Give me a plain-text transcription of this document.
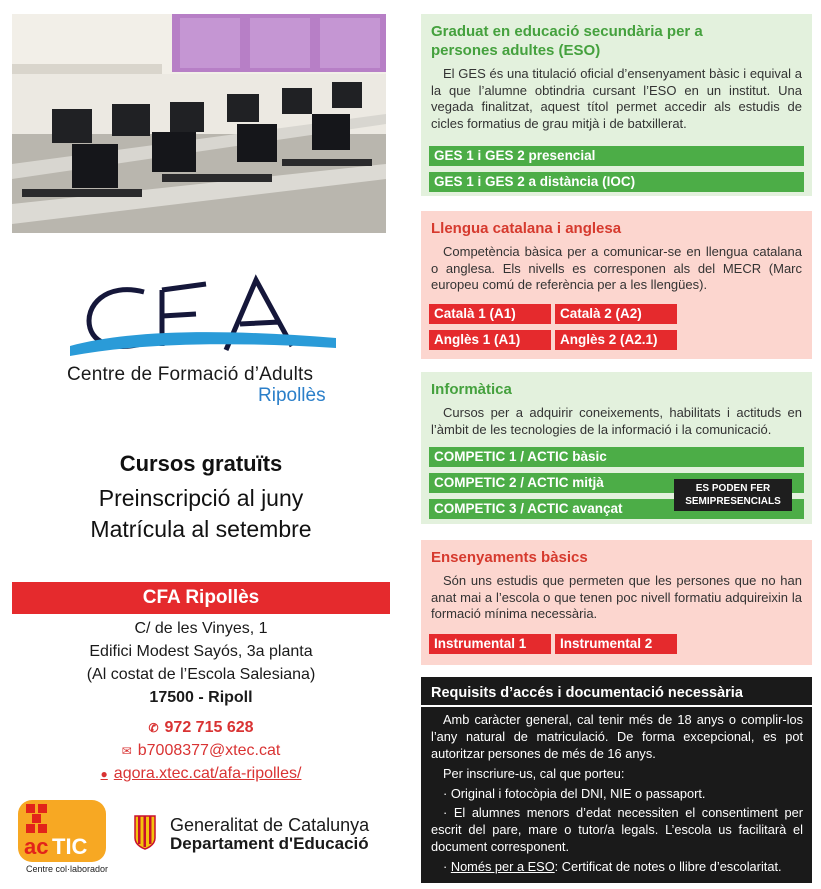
Centre de Formació d’Adults
Ripollès
Cursos gratuïts
Preinscripció al juny
Matrícula al setembre
CFA Ripollès
C/ de les Vinyes, 1
Edifici Modest Sayós, 3a planta
(Al costat de l’Escola Salesiana)
17500 - Ripoll
✆ 972 715 628
✉ b7008377@xtec.cat
● agora.xtec.cat/afa-ripolles/
ac TIC
Centre col·laborador
Generalitat de Catalunya
Departament d'Educació
Graduat en educació secundària per a
persones adultes (ESO)
El GES és una titulació oficial d’ensenyament bàsic i equival a la que l’alumne obtindria cursant l’ESO en un institut. Una vegada finalitzat, aquest títol permet accedir als estudis de cicles formatius de grau mitjà i de batxillerat.
GES 1 i GES 2 presencial
GES 1 i GES 2 a distància (IOC)
Llengua catalana i anglesa
Competència bàsica per a comunicar-se en llengua catalana o anglesa. Els nivells es corresponen als del MECR (Marc europeu comú de referència per a les llengües).
Català 1 (A1)	Català 2 (A2)
Anglès 1 (A1)	Anglès 2 (A2.1)
Informàtica
Cursos per a adquirir coneixements, habilitats i actituds en l’àmbit de les tecnologies de la informació i la comunicació.
COMPETIC 1 / ACTIC bàsic
COMPETIC 2 / ACTIC mitjà
COMPETIC 3 / ACTIC avançat
ES PODEN FER
SEMIPRESENCIALS
Ensenyaments bàsics
Són uns estudis que permeten que les persones que no han anat mai a l’escola o que tenen poc nivell formatiu adquireixin la formació mínima necessària.
Instrumental 1	Instrumental 2
Requisits d’accés i documentació necessària
Amb caràcter general, cal tenir més de 18 anys o complir-los l’any natural de matriculació. De forma excepcional, es pot autoritzar persones de més de 16 anys.
Per inscriure-us, cal que porteu:
· Original i fotocòpia del DNI, NIE o passaport.
· El alumnes menors d’edat necessiten el consentiment per escrit del pare, mare o tutor/a legals. L’escola us facilitarà el document corresponent.
· Només per a ESO: Certificat de notes o llibre d’escolaritat.
